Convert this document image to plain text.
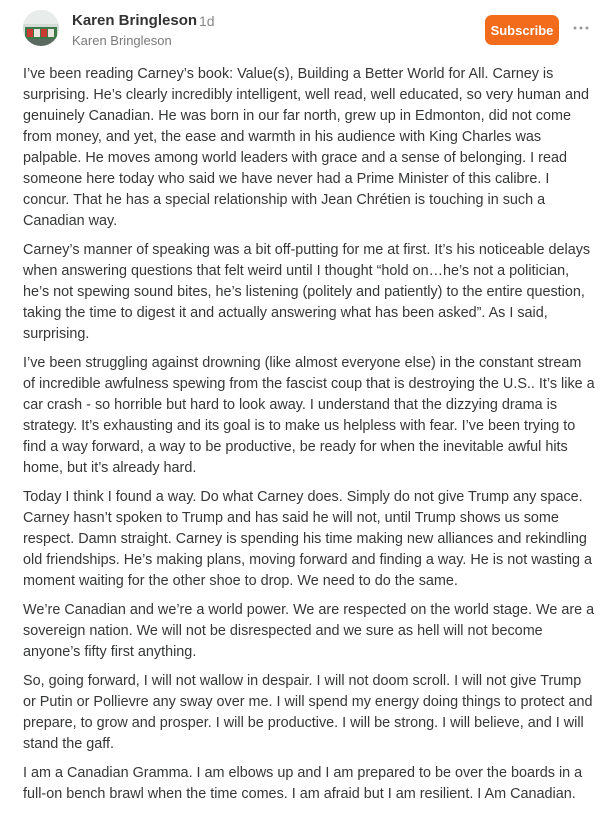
Karen Bringleson 1d
Karen Bringleson
Subscribe

I’ve been reading Carney’s book: Value(s), Building a Better World for All. Carney is surprising. He’s clearly incredibly intelligent, well read, well educated, so very human and genuinely Canadian. He was born in our far north, grew up in Edmonton, did not come from money, and yet, the ease and warmth in his audience with King Charles was palpable. He moves among world leaders with grace and a sense of belonging. I read someone here today who said we have never had a Prime Minister of this calibre. I concur. That he has a special relationship with Jean Chrétien is touching in such a Canadian way.

Carney’s manner of speaking was a bit off-putting for me at first. It’s his noticeable delays when answering questions that felt weird until I thought “hold on…he’s not a politician, he’s not spewing sound bites, he’s listening (politely and patiently) to the entire question, taking the time to digest it and actually answering what has been asked”. As I said, surprising.

I’ve been struggling against drowning (like almost everyone else) in the constant stream of incredible awfulness spewing from the fascist coup that is destroying the U.S.. It’s like a car crash - so horrible but hard to look away. I understand that the dizzying drama is strategy. It’s exhausting and its goal is to make us helpless with fear. I’ve been trying to find a way forward, a way to be productive, be ready for when the inevitable awful hits home, but it’s already hard.

Today I think I found a way. Do what Carney does. Simply do not give Trump any space. Carney hasn’t spoken to Trump and has said he will not, until Trump shows us some respect. Damn straight. Carney is spending his time making new alliances and rekindling old friendships. He’s making plans, moving forward and finding a way. He is not wasting a moment waiting for the other shoe to drop. We need to do the same.

We’re Canadian and we’re a world power. We are respected on the world stage. We are a sovereign nation. We will not be disrespected and we sure as hell will not become anyone’s fifty first anything.

So, going forward, I will not wallow in despair. I will not doom scroll. I will not give Trump or Putin or Pollievre any sway over me. I will spend my energy doing things to protect and prepare, to grow and prosper. I will be productive. I will be strong. I will believe, and I will stand the gaff.

I am a Canadian Gramma. I am elbows up and I am prepared to be over the boards in a full-on bench brawl when the time comes. I am afraid but I am resilient. I Am Canadian.
